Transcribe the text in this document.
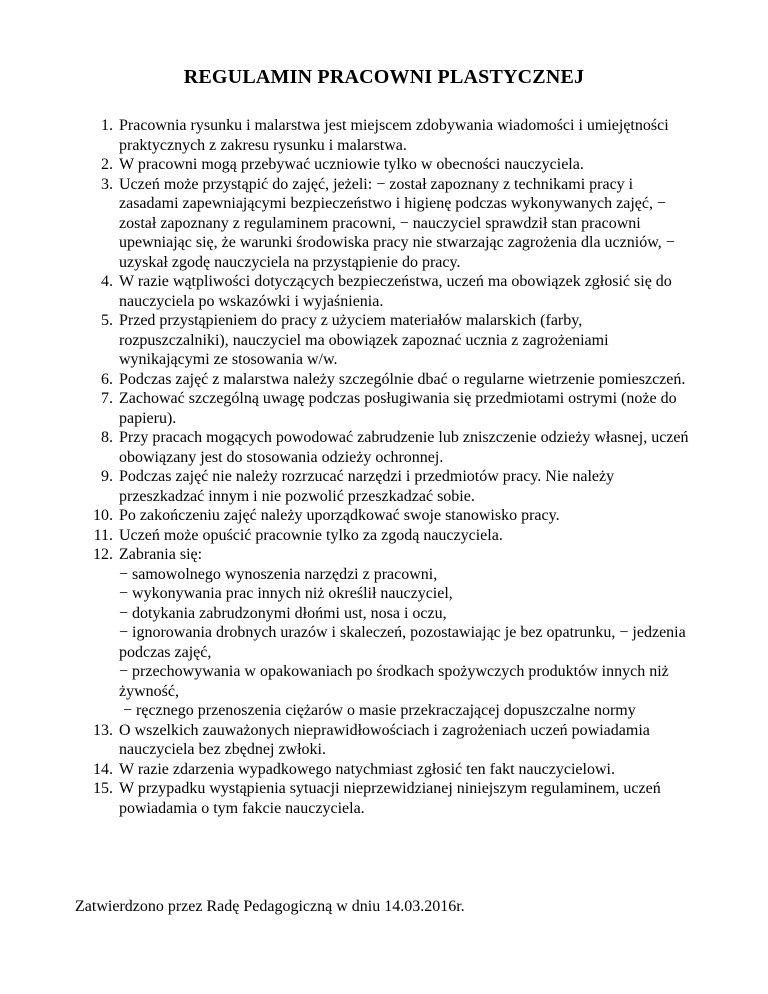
REGULAMIN PRACOWNI PLASTYCZNEJ
1. Pracownia rysunku i malarstwa jest miejscem zdobywania wiadomości i umiejętności praktycznych z zakresu rysunku i malarstwa.
2. W pracowni mogą przebywać uczniowie tylko w obecności nauczyciela.
3. Uczeń może przystąpić do zajęć, jeżeli: − został zapoznany z technikami pracy i zasadami zapewniającymi bezpieczeństwo i higienę podczas wykonywanych zajęć, − został zapoznany z regulaminem pracowni, − nauczyciel sprawdził stan pracowni upewniając się, że warunki środowiska pracy nie stwarzając zagrożenia dla uczniów, − uzyskał zgodę nauczyciela na przystąpienie do pracy.
4. W razie wątpliwości dotyczących bezpieczeństwa, uczeń ma obowiązek zgłosić się do nauczyciela po wskazówki i wyjaśnienia.
5. Przed przystąpieniem do pracy z użyciem materiałów malarskich (farby, rozpuszczalniki), nauczyciel ma obowiązek zapoznać ucznia z zagrożeniami wynikającymi ze stosowania w/w.
6. Podczas zajęć z malarstwa należy szczególnie dbać o regularne wietrzenie pomieszczeń.
7. Zachować szczególną uwagę podczas posługiwania się przedmiotami ostrymi (noże do papieru).
8. Przy pracach mogących powodować zabrudzenie lub zniszczenie odzieży własnej, uczeń obowiązany jest do stosowania odzieży ochronnej.
9. Podczas zajęć nie należy rozrzucać narzędzi i przedmiotów pracy. Nie należy przeszkadzać innym i nie pozwolić przeszkadzać sobie.
10. Po zakończeniu zajęć należy uporządkować swoje stanowisko pracy.
11. Uczeń może opuścić pracownie tylko za zgodą nauczyciela.
12. Zabrania się:
− samowolnego wynoszenia narzędzi z pracowni,
− wykonywania prac innych niż określił nauczyciel,
− dotykania zabrudzonymi dłońmi ust, nosa i oczu,
− ignorowania drobnych urazów i skaleczeń, pozostawiając je bez opatrunku, − jedzenia podczas zajęć,
− przechowywania w opakowaniach po środkach spożywczych produktów innych niż żywność,
− ręcznego przenoszenia ciężarów o masie przekraczającej dopuszczalne normy
13. O wszelkich zauważonych nieprawidłowościach i zagrożeniach uczeń powiadamia nauczyciela bez zbędnej zwłoki.
14. W razie zdarzenia wypadkowego natychmiast zgłosić ten fakt nauczycielowi.
15. W przypadku wystąpienia sytuacji nieprzewidzianej niniejszym regulaminem, uczeń powiadamia o tym fakcie nauczyciela.
Zatwierdzono przez Radę Pedagogiczną w dniu 14.03.2016r.
